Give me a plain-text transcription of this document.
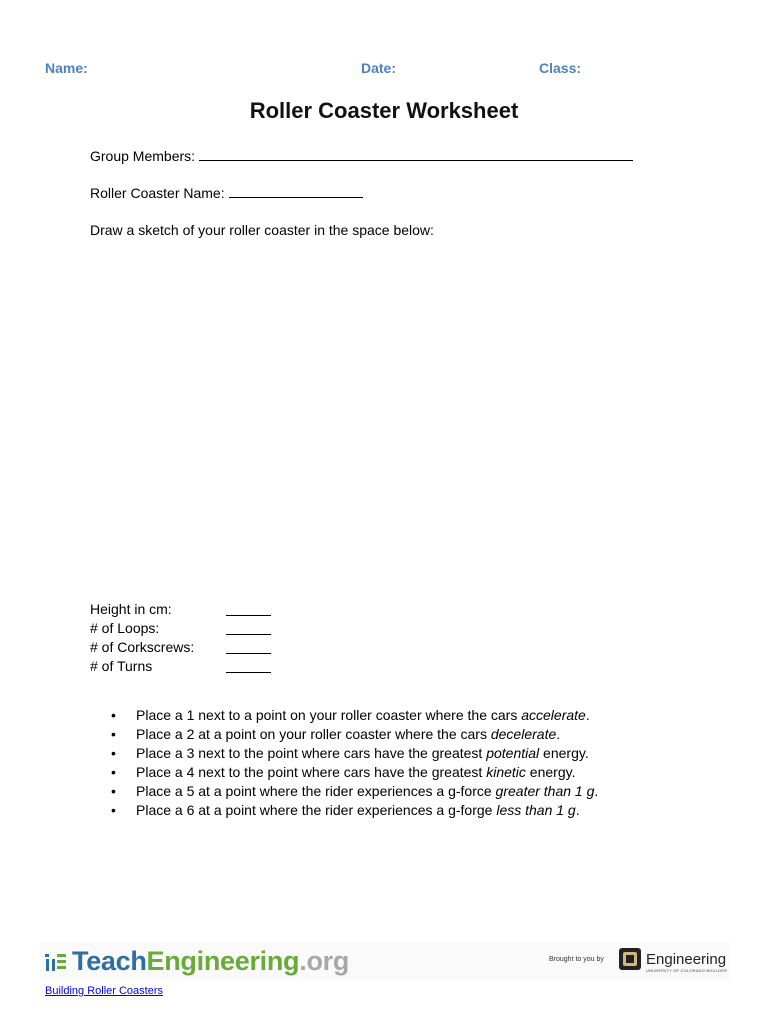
Name:	Date:	Class:
Roller Coaster Worksheet
Group Members:
Roller Coaster Name:
Draw a sketch of your roller coaster in the space below:
Height in cm:
# of Loops:
# of Corkscrews:
# of Turns
• Place a 1 next to a point on your roller coaster where the cars accelerate.
• Place a 2 at a point on your roller coaster where the cars decelerate.
• Place a 3 next to the point where cars have the greatest potential energy.
• Place a 4 next to the point where cars have the greatest kinetic energy.
• Place a 5 at a point where the rider experiences a g-force greater than 1 g.
• Place a 6 at a point where the rider experiences a g-forge less than 1 g.
TeachEngineering.org	Brought to you by	Engineering
UNIVERSITY OF COLORADO BOULDER
Building Roller Coasters
